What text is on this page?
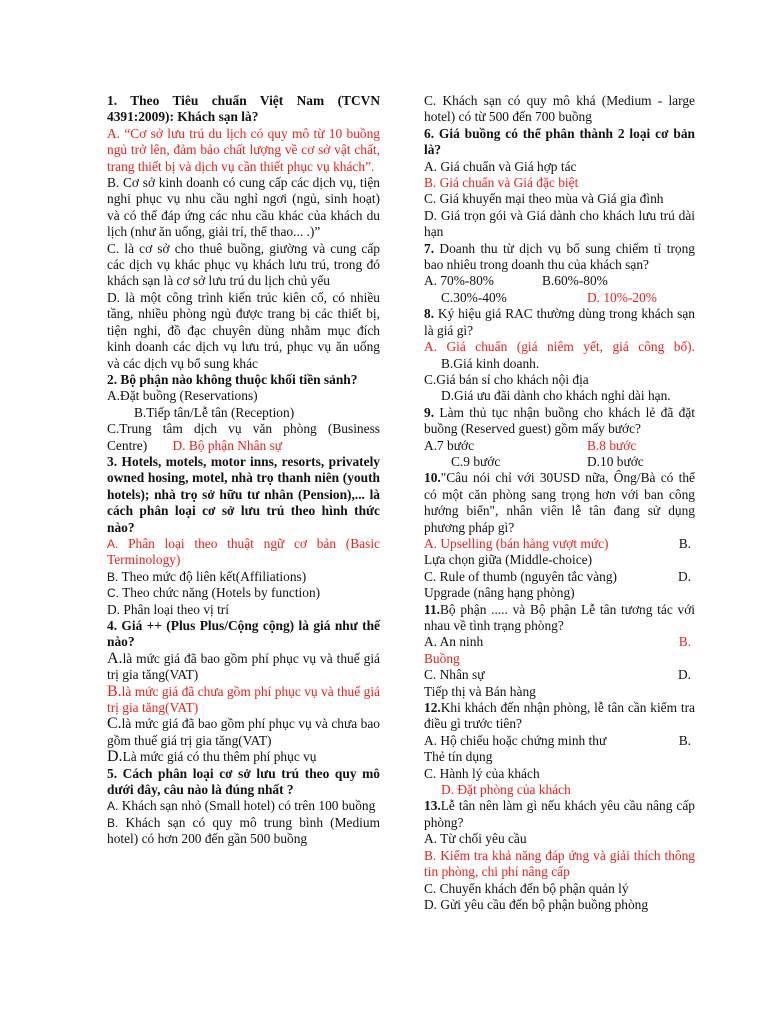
1. Theo Tiêu chuẩn Việt Nam (TCVN 4391:2009): Khách sạn là?

A. “Cơ sở lưu trú du lịch có quy mô từ 10 buồng ngủ trở lên, đảm bảo chất lượng về cơ sở vật chất, trang thiết bị và dịch vụ cần thiết phục vụ khách”.

B. Cơ sở kinh doanh có cung cấp các dịch vụ, tiện nghi phục vụ nhu cầu nghỉ ngơi (ngủ, sinh hoạt) và có thể đáp ứng các nhu cầu khác của khách du lịch (như ăn uống, giải trí, thể thao... .)”

C. là cơ sở cho thuê buồng, giường và cung cấp các dịch vụ khác phục vụ khách lưu trú, trong đó khách sạn là cơ sở lưu trú du lịch chủ yếu

D. là một công trình kiến trúc kiên cố, có nhiều tầng, nhiều phòng ngủ được trang bị các thiết bị, tiện nghi, đồ đạc chuyên dùng nhằm mục đích kinh doanh các dịch vụ lưu trú, phục vụ ăn uống và các dịch vụ bổ sung khác

2. Bộ phận nào không thuộc khối tiền sảnh?

A.Đặt buồng (Reservations)

B.Tiếp tân/Lễ tân (Reception)

C.Trung tâm dịch vụ văn phòng (Business

Centre) D. Bộ phận Nhân sự

3. Hotels, motels, motor inns, resorts, privately owned hosing, motel, nhà trọ thanh niên (youth hotels); nhà trọ sở hữu tư nhân (Pension),... là cách phân loại cơ sở lưu trú theo hình thức nào?

A. Phân loại theo thuật ngữ cơ bản (Basic Terminology)

B. Theo mức độ liên kết(Affiliations)

C. Theo chức năng (Hotels by function)

D. Phân loại theo vị trí

4. Giá ++ (Plus Plus/Cộng cộng) là giá như thế nào?

A.là mức giá đã bao gồm phí phục vụ và thuế giá trị gia tăng(VAT)

B.là mức giá đã chưa gồm phí phục vụ và thuế giá trị gia tăng(VAT)

C.là mức giá đã bao gồm phí phục vụ và chưa bao gồm thuế giá trị gia tăng(VAT)

D.Là mức giá có thu thêm phí phục vụ

5. Cách phân loại cơ sở lưu trú theo quy mô dưới đây, câu nào là đúng nhất ?

A. Khách sạn nhỏ (Small hotel) có trên 100 buồng

B. Khách sạn có quy mô trung bình (Medium hotel) có hơn 200 đến gần 500 buồng

C. Khách sạn có quy mô khá (Medium - large hotel) có từ 500 đến 700 buồng

6. Giá buồng có thể phân thành 2 loại cơ bản là?

A. Giá chuẩn và Giá hợp tác

B. Giá chuẩn và Giá đặc biệt

C. Giá khuyến mại theo mùa và Giá gia đình

D. Giá trọn gói và Giá dành cho khách lưu trú dài hạn

7. Doanh thu từ dịch vụ bổ sung chiếm tỉ trọng bao nhiêu trong doanh thu của khách sạn?

A. 70%-80%	B.60%-80%

C.30%-40%	D. 10%-20%

8. Ký hiệu giá RAC thường dùng trong khách sạn là giá gì?

A. Giá chuẩn (giá niêm yết, giá công bố).

B.Giá kinh doanh.

C.Giá bán sỉ cho khách nội địa

D.Giá ưu đãi dành cho khách nghỉ dài hạn.

9. Làm thủ tục nhận buồng cho khách lẻ đã đặt buồng (Reserved guest) gồm mấy bước?

A.7 bước	B.8 bước

C.9 bước	D.10 bước

10."Câu nói chỉ với 30USD nữa, Ông/Bà có thể có một căn phòng sang trọng hơn với ban công hướng biển", nhân viên lễ tân đang sử dụng phương pháp gì?

A. Upselling (bán hàng vượt mức)	B.

Lựa chọn giữa (Middle-choice)

C. Rule of thumb (nguyên tắc vàng)	D.

Upgrade (nâng hạng phòng)

11.Bộ phận ..... và Bộ phận Lễ tân tương tác với nhau về tình trạng phòng?

A. An ninh	B.

Buồng

C. Nhân sự	D.

Tiếp thị và Bán hàng

12.Khi khách đến nhận phòng, lễ tân cần kiểm tra điều gì trước tiên?

A. Hộ chiếu hoặc chứng minh thư	B.

Thẻ tín dụng

C. Hành lý của khách

D. Đặt phòng của khách

13.Lễ tân nên làm gì nếu khách yêu cầu nâng cấp phòng?

A. Từ chối yêu cầu

B. Kiểm tra khả năng đáp ứng và giải thích thông tin phòng, chi phí nâng cấp

C. Chuyển khách đến bộ phận quản lý

D. Gửi yêu cầu đến bộ phận buồng phòng
